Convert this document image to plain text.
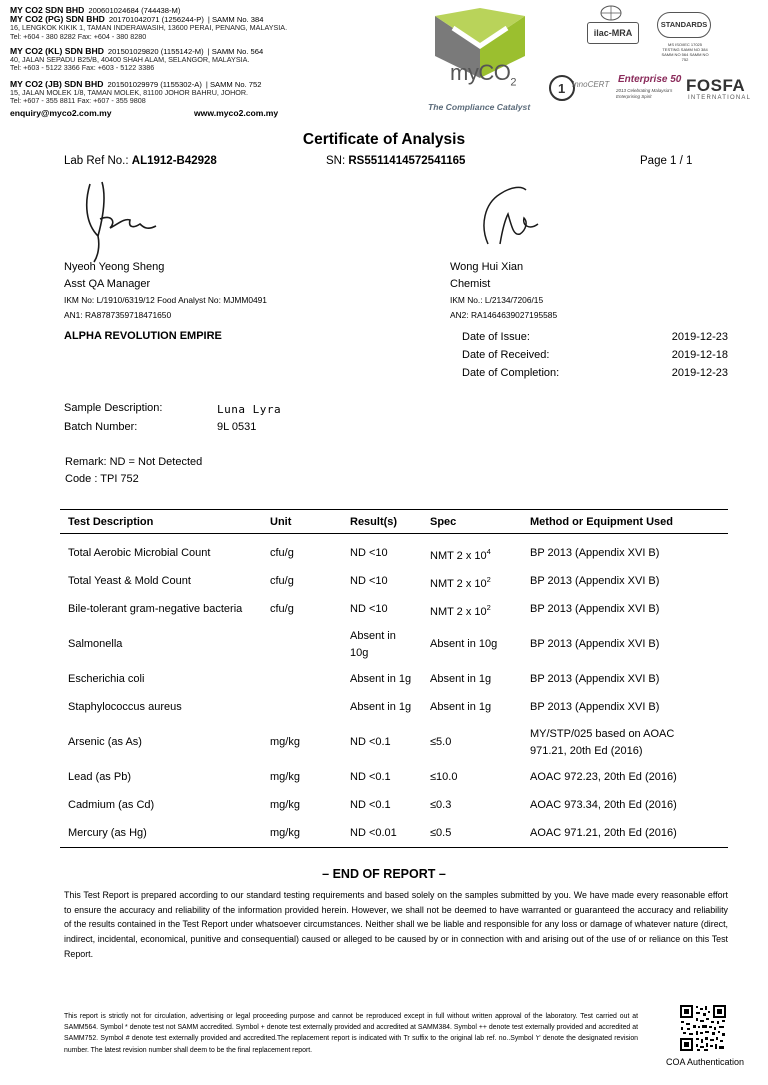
MY CO2 SDN BHD 200601024684 (744438-M)
MY CO2 (PG) SDN BHD 201701042071 (1256244-P) | SAMM No. 384
16, LENGKOK KIKIK 1, TAMAN INDERAWASIH, 13600 PERAI, PENANG, MALAYSIA.
Tel: +604 - 380 8282 Fax: +604 - 380 8280
MY CO2 (KL) SDN BHD 201501029820 (1155142-M) | SAMM No. 564
40, JALAN SEPADU B25/B, 40400 SHAH ALAM, SELANGOR, MALAYSIA.
Tel: +603 - 5122 3366 Fax: +603 - 5122 3386
MY CO2 (JB) SDN BHD 201501029979 (1155302-A) | SAMM No. 752
15, JALAN MOLEK 1/8, TAMAN MOLEK, 81100 JOHOR BAHRU, JOHOR.
Tel: +607 - 355 8811 Fax: +607 - 355 9808
enquiry@myco2.com.my	www.myco2.com.my
myCO$_2$
The Compliance Catalyst
ilac-MRA
STANDARDS
MS ISO/IEC 17025 TESTING SAMM NO 384 SAMM NO 564 SAMM NO 752
1 InnoCERT Enterprise 50
2013 Celebrating Malaysia's Enterprising Spirit
FOSFA
INTERNATIONAL
Certificate of Analysis
Lab Ref No.: AL1912-B42928	SN: RS5511414572541165	Page 1 / 1
Nyeoh Yeong Sheng
Asst QA Manager
IKM No: L/1910/6319/12 Food Analyst No: MJMM0491
AN1: RA8787359718471650
Wong Hui Xian
Chemist
IKM No.: L/2134/7206/15
AN2: RA1464639027195585
ALPHA REVOLUTION EMPIRE	Date of Issue:	2019-12-23
Date of Received:	2019-12-18
Date of Completion:	2019-12-23
Sample Description:	Luna Lyra
Batch Number:	9L 0531
Remark: ND = Not Detected
Code : TPI 752
Test Description	Unit	Result(s)	Spec	Method or Equipment Used
Total Aerobic Microbial Count	cfu/g	ND <10	NMT 2 x $10^4$	BP 2013 (Appendix XVI B)
Total Yeast & Mold Count	cfu/g	ND <10	NMT 2 x $10^2$	BP 2013 (Appendix XVI B)
Bile-tolerant gram-negative bacteria	cfu/g	ND <10	NMT 2 x $10^2$	BP 2013 (Appendix XVI B)
Salmonella		Absent in 10g	Absent in 10g	BP 2013 (Appendix XVI B)
Escherichia coli		Absent in 1g	Absent in 1g	BP 2013 (Appendix XVI B)
Staphylococcus aureus		Absent in 1g	Absent in 1g	BP 2013 (Appendix XVI B)
Arsenic (as As)	mg/kg	ND <0.1	≤5.0	MY/STP/025 based on AOAC 971.21, 20th Ed (2016)
Lead (as Pb)	mg/kg	ND <0.1	≤10.0	AOAC 972.23, 20th Ed (2016)
Cadmium (as Cd)	mg/kg	ND <0.1	≤0.3	AOAC 973.34, 20th Ed (2016)
Mercury (as Hg)	mg/kg	ND <0.01	≤0.5	AOAC 971.21, 20th Ed (2016)
– END OF REPORT –
This Test Report is prepared according to our standard testing requirements and based solely on the samples submitted by you. We have made every reasonable effort to ensure the accuracy and reliability of the information provided herein. However, we shall not be deemed to have warranted or guaranteed the accuracy and reliability of the results contained in the Test Report under whatsoever circumstances. Neither shall we be liable and responsible for any loss or damage of whatever nature (direct, indirect, incidental, economical, punitive and consequential) caused or alleged to be caused by or in connection with and arising out of the use of or reliance on this Test Report.
This report is strictly not for circulation, advertising or legal proceeding purpose and cannot be reproduced except in full without written approval of the laboratory. Test carried out at SAMM564. Symbol * denote test not SAMM accredited. Symbol + denote test externally provided and accredited at SAMM384. Symbol ++ denote test externally provided and accredited at SAMM752. Symbol # denote test externally provided and accredited.The replacement report is indicated with Tr suffix to the original lab ref. no..Symbol 'r' denote the designated revision number. The latest revision number shall deem to be the final replacement report.
COA Authentication
